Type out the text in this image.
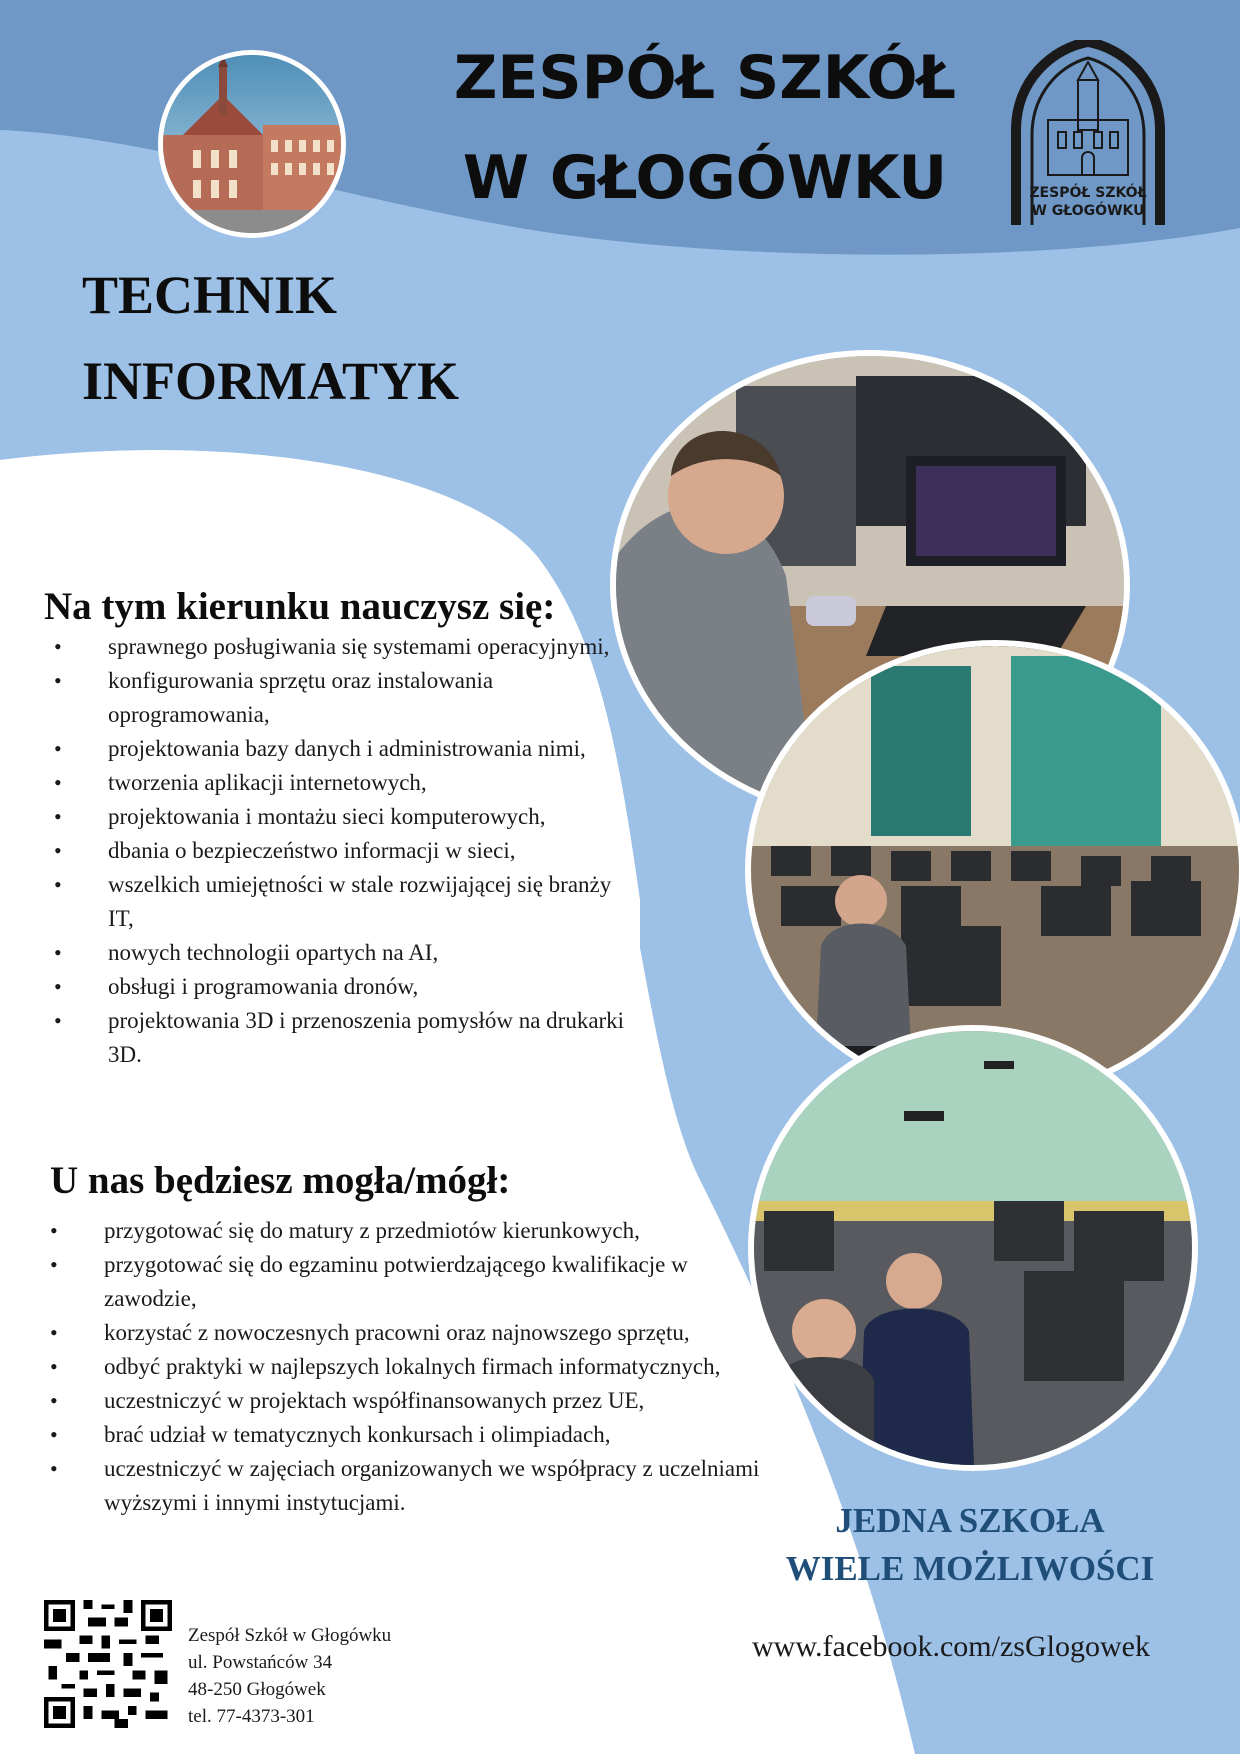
ZESPÓŁ SZKÓŁ
W GŁOGÓWKU	ZESPÓŁ SZKÓŁ
W GŁOGÓWKU
TECHNIK
INFORMATYK
Na tym kierunku nauczysz się:
• sprawnego posługiwania się systemami operacyjnymi,
• konfigurowania sprzętu oraz instalowania oprogramowania,
• projektowania bazy danych i administrowania nimi,
• tworzenia aplikacji internetowych,
• projektowania i montażu sieci komputerowych,
• dbania o bezpieczeństwo informacji w sieci,
• wszelkich umiejętności w stale rozwijającej się branży IT,
• nowych technologii opartych na AI,
• obsługi i programowania dronów,
• projektowania 3D i przenoszenia pomysłów na drukarki 3D.
U nas będziesz mogła/mógł:
• przygotować się do matury z przedmiotów kierunkowych,
• przygotować się do egzaminu potwierdzającego kwalifikacje w zawodzie,
• korzystać z nowoczesnych pracowni oraz najnowszego sprzętu,
• odbyć praktyki w najlepszych lokalnych firmach informatycznych,
• uczestniczyć w projektach współfinansowanych przez UE,
• brać udział w tematycznych konkursach i olimpiadach,
• uczestniczyć w zajęciach organizowanych we współpracy z uczelniami wyższymi i innymi instytucjami.	JEDNA SZKOŁA
WIELE MOŻLIWOŚCI
www.facebook.com/zsGlogowek
Zespół Szkół w Głogówku
ul. Powstańców 34
48-250 Głogówek
tel. 77-4373-301
